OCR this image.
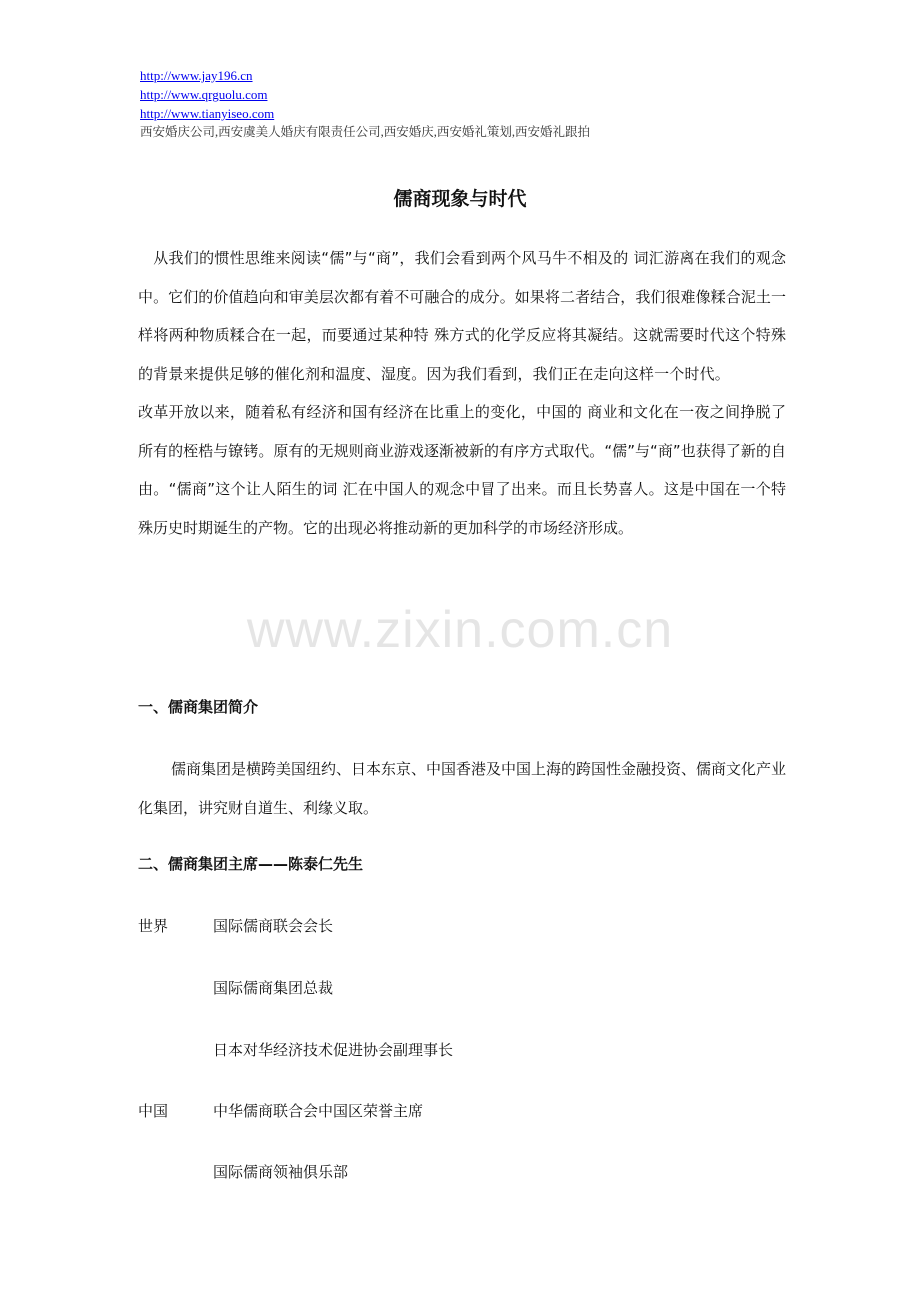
http://www.jay196.cn
http://www.qrguolu.com
http://www.tianyiseo.com
西安婚庆公司,西安虞美人婚庆有限责任公司,西安婚庆,西安婚礼策划,西安婚礼跟拍
儒商现象与时代
从我们的惯性思维来阅读“儒”与“商”，我们会看到两个风马牛不相及的 词汇游离在我们的观念中。它们的价值趋向和审美层次都有着不可融合的成分。如果将二者结合，我们很难像糅合泥土一样将两种物质糅合在一起，而要通过某种特 殊方式的化学反应将其凝结。这就需要时代这个特殊的背景来提供足够的催化剂和温度、湿度。因为我们看到，我们正在走向这样一个时代。改革开放以来，随着私有经济和国有经济在比重上的变化，中国的 商业和文化在一夜之间挣脱了所有的桎梏与镣铐。原有的无规则商业游戏逐渐被新的有序方式取代。“儒”与“商”也获得了新的自由。“儒商”这个让人陌生的词 汇在中国人的观念中冒了出来。而且长势喜人。这是中国在一个特殊历史时期诞生的产物。它的出现必将推动新的更加科学的市场经济形成。
一、儒商集团简介
儒商集团是横跨美国纽约、日本东京、中国香港及中国上海的跨国性金融投资、儒商文化产业化集团，讲究财自道生、利缘义取。
二、儒商集团主席——陈泰仁先生
世界	国际儒商联会会长
国际儒商集团总裁
日本对华经济技术促进协会副理事长
中国	中华儒商联合会中国区荣誉主席
国际儒商领袖俱乐部
www.zixin.com.cn
